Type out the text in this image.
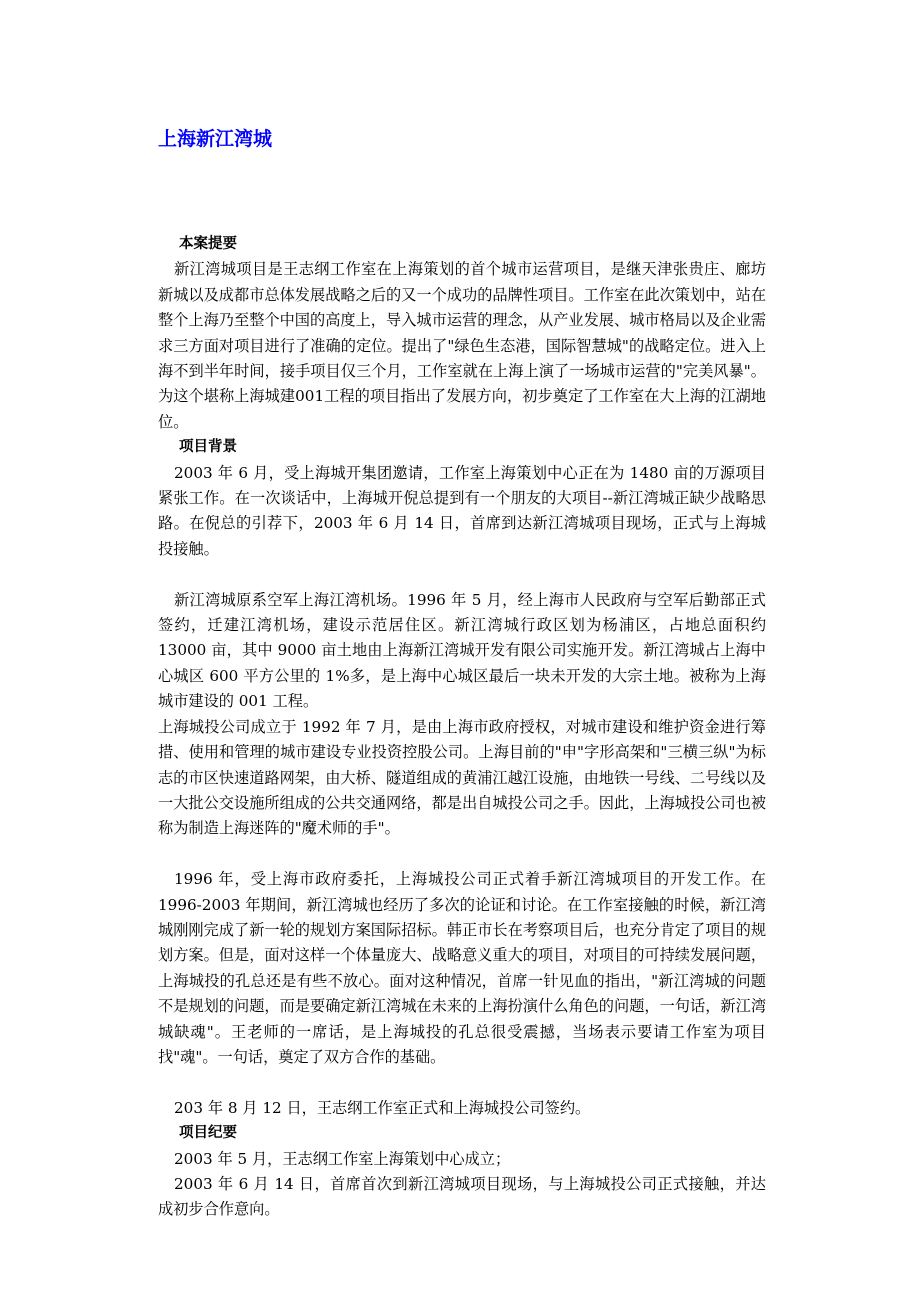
上海新江湾城

本案提要

新江湾城项目是王志纲工作室在上海策划的首个城市运营项目，是继天津张贵庄、廊坊新城以及成都市总体发展战略之后的又一个成功的品牌性项目。工作室在此次策划中，站在整个上海乃至整个中国的高度上，导入城市运营的理念，从产业发展、城市格局以及企业需求三方面对项目进行了准确的定位。提出了"绿色生态港，国际智慧城"的战略定位。进入上海不到半年时间，接手项目仅三个月，工作室就在上海上演了一场城市运营的"完美风暴"。为这个堪称上海城建001工程的项目指出了发展方向，初步奠定了工作室在大上海的江湖地位。

项目背景

2003 年 6 月，受上海城开集团邀请，工作室上海策划中心正在为 1480 亩的万源项目紧张工作。在一次谈话中，上海城开倪总提到有一个朋友的大项目--新江湾城正缺少战略思路。在倪总的引荐下，2003 年 6 月 14 日，首席到达新江湾城项目现场，正式与上海城投接触。

新江湾城原系空军上海江湾机场。1996 年 5 月，经上海市人民政府与空军后勤部正式签约，迁建江湾机场，建设示范居住区。新江湾城行政区划为杨浦区，占地总面积约 13000 亩，其中 9000 亩土地由上海新江湾城开发有限公司实施开发。新江湾城占上海中心城区 600 平方公里的 1%多，是上海中心城区最后一块未开发的大宗土地。被称为上海城市建设的 001 工程。

上海城投公司成立于 1992 年 7 月，是由上海市政府授权，对城市建设和维护资金进行筹措、使用和管理的城市建设专业投资控股公司。上海目前的"申"字形高架和"三横三纵"为标志的市区快速道路网架，由大桥、隧道组成的黄浦江越江设施，由地铁一号线、二号线以及一大批公交设施所组成的公共交通网络，都是出自城投公司之手。因此，上海城投公司也被称为制造上海迷阵的"魔术师的手"。

1996 年，受上海市政府委托，上海城投公司正式着手新江湾城项目的开发工作。在 1996-2003 年期间，新江湾城也经历了多次的论证和讨论。在工作室接触的时候，新江湾城刚刚完成了新一轮的规划方案国际招标。韩正市长在考察项目后，也充分肯定了项目的规划方案。但是，面对这样一个体量庞大、战略意义重大的项目，对项目的可持续发展问题，上海城投的孔总还是有些不放心。面对这种情况，首席一针见血的指出，"新江湾城的问题不是规划的问题，而是要确定新江湾城在未来的上海扮演什么角色的问题，一句话，新江湾城缺魂"。王老师的一席话，是上海城投的孔总很受震撼，当场表示要请工作室为项目找"魂"。一句话，奠定了双方合作的基础。

203 年 8 月 12 日，王志纲工作室正式和上海城投公司签约。

项目纪要

2003 年 5 月，王志纲工作室上海策划中心成立；

2003 年 6 月 14 日，首席首次到新江湾城项目现场，与上海城投公司正式接触，并达成初步合作意向。
